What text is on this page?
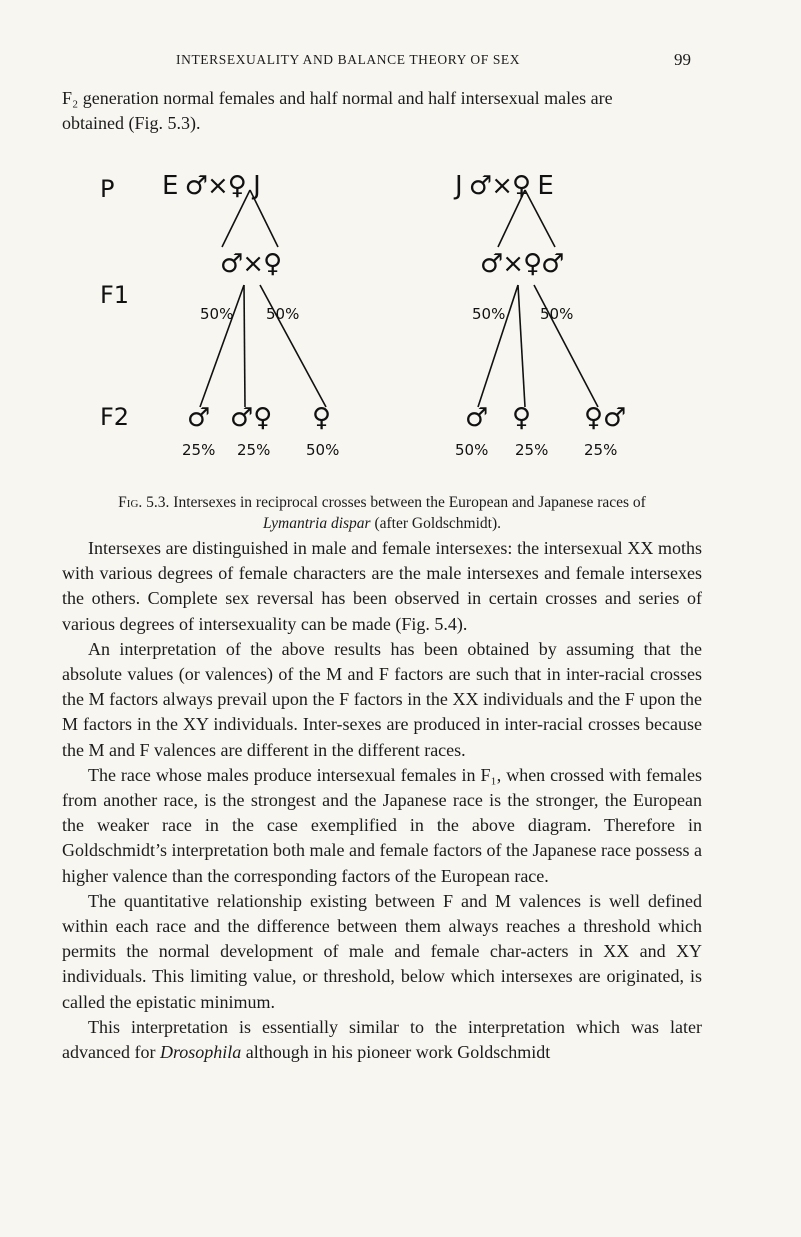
INTERSEXUALITY AND BALANCE THEORY OF SEX	99

F₂ generation normal females and half normal and half intersexual males are
obtained (Fig. 5.3).

P
F1
F2
E ♂×♀ J
♂×♀
50% 50%
♂ ♂♀ ♀
25% 25% 50%
J ♂×♀ E
♂×♀♂
50% 50%
♂ ♀ ♀♂
50% 25% 25%

Fig. 5.3. Intersexes in reciprocal crosses between the European and Japanese races of
Lymantria dispar (after Goldschmidt).

Intersexes are distinguished in male and female intersexes: the intersexual XX moths with various degrees of female characters are the male intersexes and female intersexes the others. Complete sex reversal has been observed in certain crosses and series of various degrees of intersexuality can be made (Fig. 5.4).

An interpretation of the above results has been obtained by assuming that the absolute values (or valences) of the M and F factors are such that in inter-racial crosses the M factors always prevail upon the F factors in the XX individuals and the F upon the M factors in the XY individuals. Inter-sexes are produced in inter-racial crosses because the M and F valences are different in the different races.

The race whose males produce intersexual females in F₁, when crossed with females from another race, is the strongest and the Japanese race is the stronger, the European the weaker race in the case exemplified in the above diagram. Therefore in Goldschmidt’s interpretation both male and female factors of the Japanese race possess a higher valence than the corresponding factors of the European race.

The quantitative relationship existing between F and M valences is well defined within each race and the difference between them always reaches a threshold which permits the normal development of male and female char-acters in XX and XY individuals. This limiting value, or threshold, below which intersexes are originated, is called the epistatic minimum.

This interpretation is essentially similar to the interpretation which was later advanced for Drosophila although in his pioneer work Goldschmidt
